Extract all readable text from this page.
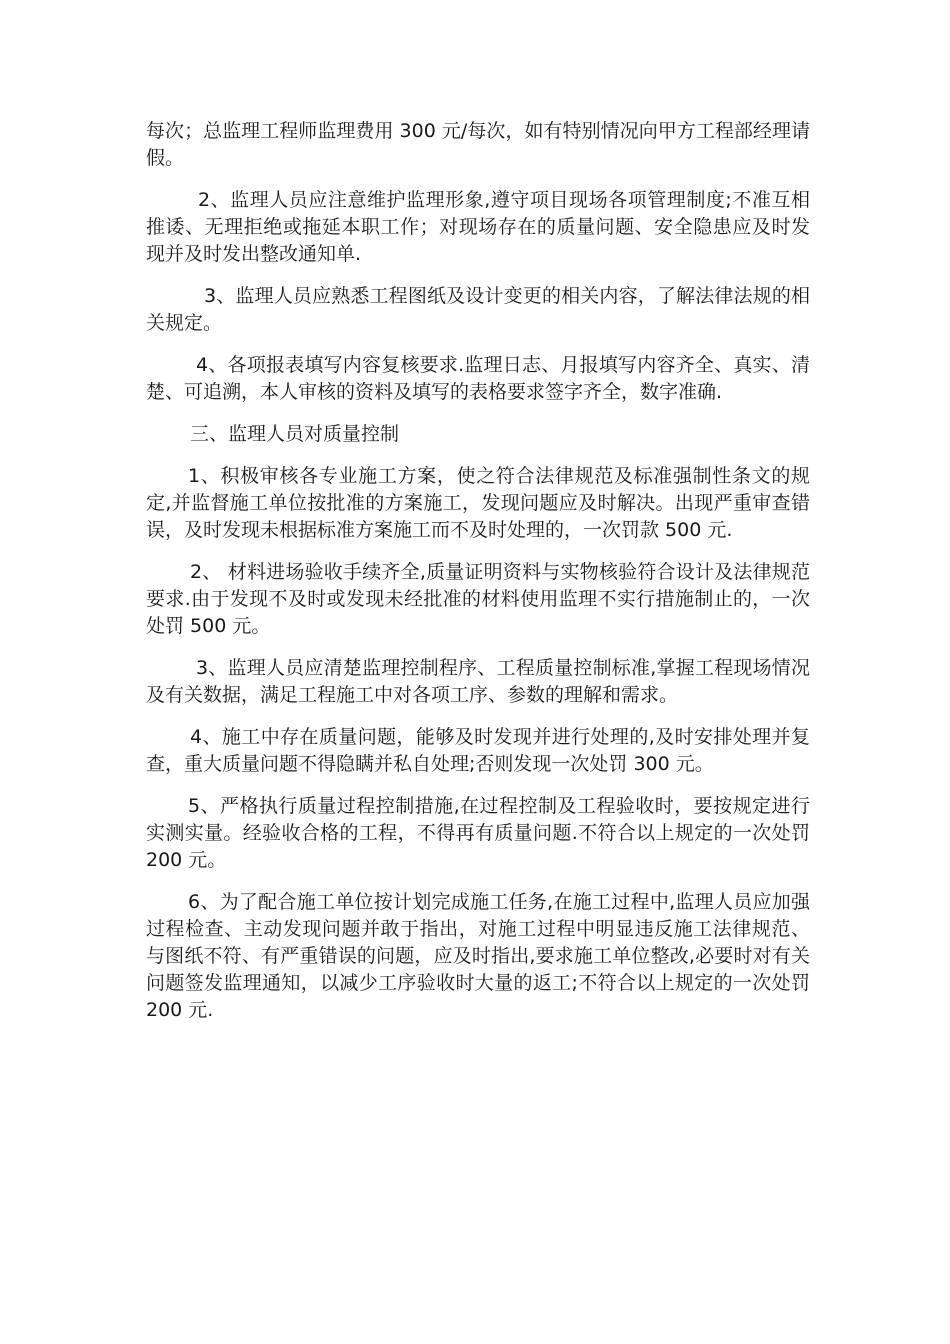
每次；总监理工程师监理费用 300 元/每次，如有特别情况向甲方工程部经理请假。

2、监理人员应注意维护监理形象,遵守项目现场各项管理制度;不准互相推诿、无理拒绝或拖延本职工作；对现场存在的质量问题、安全隐患应及时发现并及时发出整改通知单.

3、监理人员应熟悉工程图纸及设计变更的相关内容，了解法律法规的相关规定。

4、各项报表填写内容复核要求.监理日志、月报填写内容齐全、真实、清楚、可追溯，本人审核的资料及填写的表格要求签字齐全，数字准确.

三、监理人员对质量控制

1、积极审核各专业施工方案，使之符合法律规范及标准强制性条文的规定,并监督施工单位按批准的方案施工，发现问题应及时解决。出现严重审查错误，及时发现未根据标准方案施工而不及时处理的，一次罚款 500 元.

2、 材料进场验收手续齐全,质量证明资料与实物核验符合设计及法律规范要求.由于发现不及时或发现未经批准的材料使用监理不实行措施制止的，一次处罚 500 元。

3、监理人员应清楚监理控制程序、工程质量控制标准,掌握工程现场情况及有关数据，满足工程施工中对各项工序、参数的理解和需求。

4、施工中存在质量问题，能够及时发现并进行处理的,及时安排处理并复查，重大质量问题不得隐瞒并私自处理;否则发现一次处罚 300 元。

5、严格执行质量过程控制措施,在过程控制及工程验收时，要按规定进行实测实量。经验收合格的工程，不得再有质量问题.不符合以上规定的一次处罚 200 元。

6、为了配合施工单位按计划完成施工任务,在施工过程中,监理人员应加强过程检查、主动发现问题并敢于指出，对施工过程中明显违反施工法律规范、与图纸不符、有严重错误的问题，应及时指出,要求施工单位整改,必要时对有关问题签发监理通知，以减少工序验收时大量的返工;不符合以上规定的一次处罚 200 元.
